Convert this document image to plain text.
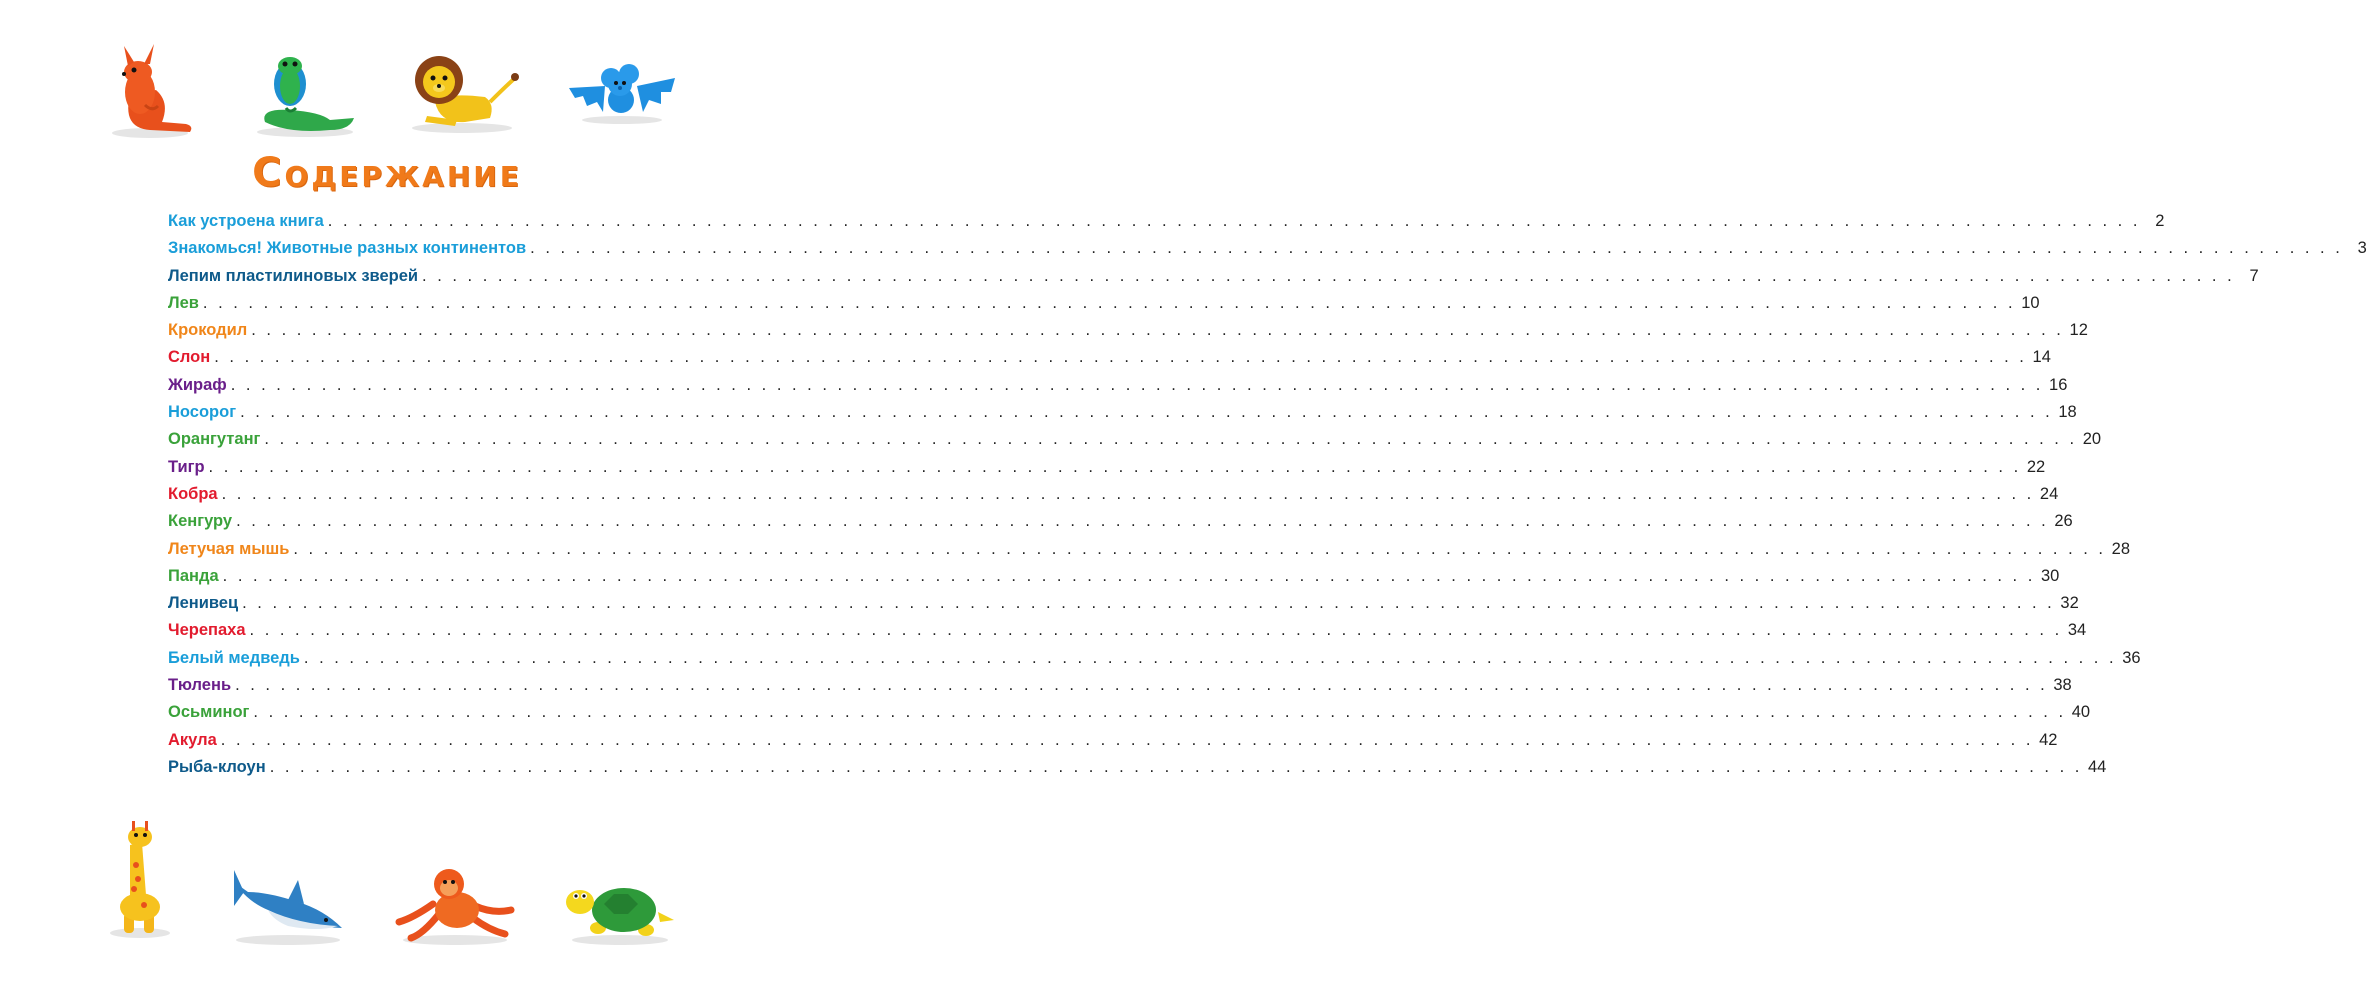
Содержание
Как устроена книга . . . . . . . . . . . . . . . . . . . . . . . . . . . . . . . . . . . . . . . . . . . . . . . . . . . . . . . . . . . . . . . . . . . . . . . . . . . . . . . . . . . . . . . . . . . . . . . . . . . . . . . . . . . . . . . . . . . . . . . . 2
Знакомься! Животные разных континентов . . . . . . . . . . . . . . . . . . . . . . . . . . . . . . . . . . . . . . . . . . . . . . . . . . . . . . . . . . . . . . . . . . . . . . . . . . . . . . . . . . . . . . . . . . . . . . . . . . . . . . . . . . . . . . . . . . . . . . . . 3
Лепим пластилиновых зверей . . . . . . . . . . . . . . . . . . . . . . . . . . . . . . . . . . . . . . . . . . . . . . . . . . . . . . . . . . . . . . . . . . . . . . . . . . . . . . . . . . . . . . . . . . . . . . . . . . . . . . . . . . . . . . . . . . . . . . . . 7
Лев . . . . . . . . . . . . . . . . . . . . . . . . . . . . . . . . . . . . . . . . . . . . . . . . . . . . . . . . . . . . . . . . . . . . . . . . . . . . . . . . . . . . . . . . . . . . . . . . . . . . . . . . . . . . . . . . . . . . . . . . 10
Крокодил . . . . . . . . . . . . . . . . . . . . . . . . . . . . . . . . . . . . . . . . . . . . . . . . . . . . . . . . . . . . . . . . . . . . . . . . . . . . . . . . . . . . . . . . . . . . . . . . . . . . . . . . . . . . . . . . . . . . . . . . 12
Слон . . . . . . . . . . . . . . . . . . . . . . . . . . . . . . . . . . . . . . . . . . . . . . . . . . . . . . . . . . . . . . . . . . . . . . . . . . . . . . . . . . . . . . . . . . . . . . . . . . . . . . . . . . . . . . . . . . . . . . . . 14
Жираф . . . . . . . . . . . . . . . . . . . . . . . . . . . . . . . . . . . . . . . . . . . . . . . . . . . . . . . . . . . . . . . . . . . . . . . . . . . . . . . . . . . . . . . . . . . . . . . . . . . . . . . . . . . . . . . . . . . . . . . . 16
Носорог . . . . . . . . . . . . . . . . . . . . . . . . . . . . . . . . . . . . . . . . . . . . . . . . . . . . . . . . . . . . . . . . . . . . . . . . . . . . . . . . . . . . . . . . . . . . . . . . . . . . . . . . . . . . . . . . . . . . . . . . 18
Орангутанг . . . . . . . . . . . . . . . . . . . . . . . . . . . . . . . . . . . . . . . . . . . . . . . . . . . . . . . . . . . . . . . . . . . . . . . . . . . . . . . . . . . . . . . . . . . . . . . . . . . . . . . . . . . . . . . . . . . . . . . . 20
Тигр . . . . . . . . . . . . . . . . . . . . . . . . . . . . . . . . . . . . . . . . . . . . . . . . . . . . . . . . . . . . . . . . . . . . . . . . . . . . . . . . . . . . . . . . . . . . . . . . . . . . . . . . . . . . . . . . . . . . . . . . 22
Кобра . . . . . . . . . . . . . . . . . . . . . . . . . . . . . . . . . . . . . . . . . . . . . . . . . . . . . . . . . . . . . . . . . . . . . . . . . . . . . . . . . . . . . . . . . . . . . . . . . . . . . . . . . . . . . . . . . . . . . . . . 24
Кенгуру . . . . . . . . . . . . . . . . . . . . . . . . . . . . . . . . . . . . . . . . . . . . . . . . . . . . . . . . . . . . . . . . . . . . . . . . . . . . . . . . . . . . . . . . . . . . . . . . . . . . . . . . . . . . . . . . . . . . . . . . 26
Летучая мышь . . . . . . . . . . . . . . . . . . . . . . . . . . . . . . . . . . . . . . . . . . . . . . . . . . . . . . . . . . . . . . . . . . . . . . . . . . . . . . . . . . . . . . . . . . . . . . . . . . . . . . . . . . . . . . . . . . . . . . . . 28
Панда . . . . . . . . . . . . . . . . . . . . . . . . . . . . . . . . . . . . . . . . . . . . . . . . . . . . . . . . . . . . . . . . . . . . . . . . . . . . . . . . . . . . . . . . . . . . . . . . . . . . . . . . . . . . . . . . . . . . . . . . 30
Ленивец . . . . . . . . . . . . . . . . . . . . . . . . . . . . . . . . . . . . . . . . . . . . . . . . . . . . . . . . . . . . . . . . . . . . . . . . . . . . . . . . . . . . . . . . . . . . . . . . . . . . . . . . . . . . . . . . . . . . . . . . 32
Черепаха . . . . . . . . . . . . . . . . . . . . . . . . . . . . . . . . . . . . . . . . . . . . . . . . . . . . . . . . . . . . . . . . . . . . . . . . . . . . . . . . . . . . . . . . . . . . . . . . . . . . . . . . . . . . . . . . . . . . . . . . 34
Белый медведь . . . . . . . . . . . . . . . . . . . . . . . . . . . . . . . . . . . . . . . . . . . . . . . . . . . . . . . . . . . . . . . . . . . . . . . . . . . . . . . . . . . . . . . . . . . . . . . . . . . . . . . . . . . . . . . . . . . . . . . . 36
Тюлень . . . . . . . . . . . . . . . . . . . . . . . . . . . . . . . . . . . . . . . . . . . . . . . . . . . . . . . . . . . . . . . . . . . . . . . . . . . . . . . . . . . . . . . . . . . . . . . . . . . . . . . . . . . . . . . . . . . . . . . . 38
Осьминог . . . . . . . . . . . . . . . . . . . . . . . . . . . . . . . . . . . . . . . . . . . . . . . . . . . . . . . . . . . . . . . . . . . . . . . . . . . . . . . . . . . . . . . . . . . . . . . . . . . . . . . . . . . . . . . . . . . . . . . . 40
Акула . . . . . . . . . . . . . . . . . . . . . . . . . . . . . . . . . . . . . . . . . . . . . . . . . . . . . . . . . . . . . . . . . . . . . . . . . . . . . . . . . . . . . . . . . . . . . . . . . . . . . . . . . . . . . . . . . . . . . . . . 42
Рыба-клоун . . . . . . . . . . . . . . . . . . . . . . . . . . . . . . . . . . . . . . . . . . . . . . . . . . . . . . . . . . . . . . . . . . . . . . . . . . . . . . . . . . . . . . . . . . . . . . . . . . . . . . . . . . . . . . . . . . . . . . . . 44
